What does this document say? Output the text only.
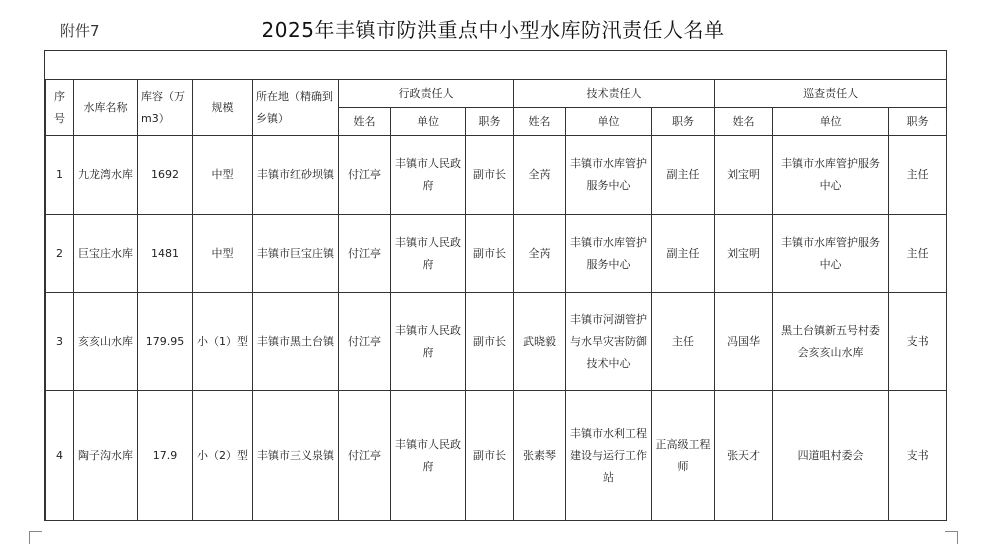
附件7	2025年丰镇市防洪重点中小型水库防汛责任人名单
序号	水库名称	库容（万m3）	规模	所在地（精确到乡镇）	行政责任人			技术责任人			巡查责任人		
					姓名	单位	职务	姓名	单位	职务	姓名	单位	职务
1	九龙湾水库	1692	中型	丰镇市红砂坝镇	付江亭	丰镇市人民政府	副市长	全芮	丰镇市水库管护服务中心	副主任	刘宝明	丰镇市水库管护服务中心	主任
2	巨宝庄水库	1481	中型	丰镇市巨宝庄镇	付江亭	丰镇市人民政府	副市长	全芮	丰镇市水库管护服务中心	副主任	刘宝明	丰镇市水库管护服务中心	主任
3	亥亥山水库	179.95	小（1）型	丰镇市黑土台镇	付江亭	丰镇市人民政府	副市长	武晓毅	丰镇市河湖管护与水旱灾害防御技术中心	主任	冯国华	黑土台镇新五号村委会亥亥山水库	支书
4	陶子沟水库	17.9	小（2）型	丰镇市三义泉镇	付江亭	丰镇市人民政府	副市长	张素琴	丰镇市水利工程建设与运行工作站	正高级工程师	张天才	四道咀村委会	支书
